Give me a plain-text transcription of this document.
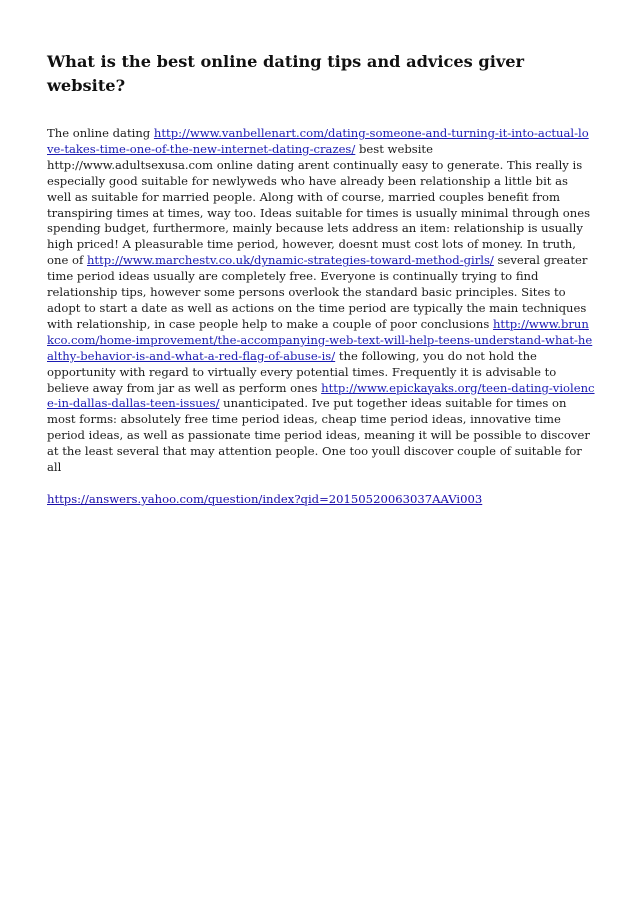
What is the best online dating tips and advices giver website?

The online dating http://www.vanbellenart.com/dating-someone-and-turning-it-into-actual-love-takes-time-one-of-the-new-internet-dating-crazes/ best website http://www.adultsexusa.com online dating arent continually easy to generate. This really is especially good suitable for newlyweds who have already been relationship a little bit as well as suitable for married people. Along with of course, married couples benefit from transpiring times at times, way too. Ideas suitable for times is usually minimal through ones spending budget, furthermore, mainly because lets address an item: relationship is usually high priced! A pleasurable time period, however, doesnt must cost lots of money. In truth, one of http://www.marchestv.co.uk/dynamic-strategies-toward-method-girls/ several greater time period ideas usually are completely free. Everyone is continually trying to find relationship tips, however some persons overlook the standard basic principles. Sites to adopt to start a date as well as actions on the time period are typically the main techniques with relationship, in case people help to make a couple of poor conclusions http://www.brunkco.com/home-improvement/the-accompanying-web-text-will-help-teens-understand-what-healthy-behavior-is-and-what-a-red-flag-of-abuse-is/ the following, you do not hold the opportunity with regard to virtually every potential times. Frequently it is advisable to believe away from jar as well as perform ones http://www.epickayaks.org/teen-dating-violence-in-dallas-dallas-teen-issues/ unanticipated. Ive put together ideas suitable for times on most forms: absolutely free time period ideas, cheap time period ideas, innovative time period ideas, as well as passionate time period ideas, meaning it will be possible to discover at the least several that may attention people. One too youll discover couple of suitable for all

https://answers.yahoo.com/question/index?qid=20150520063037AAVi003
